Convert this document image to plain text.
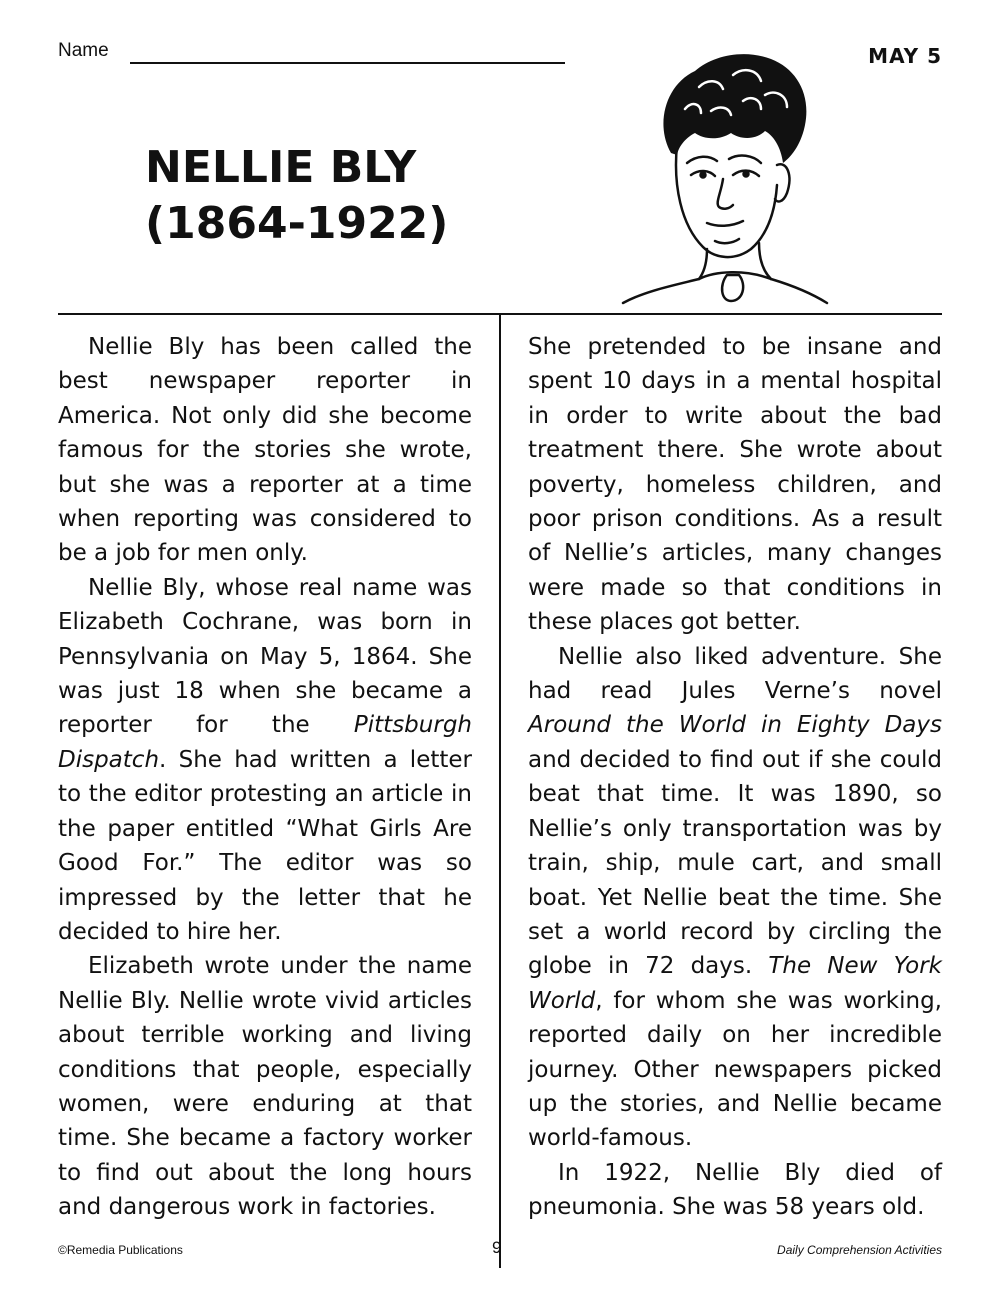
Name	MAY 5
NELLIE BLY
(1864-1922)

Nellie Bly has been called the best newspaper reporter in America. Not only did she become famous for the stories she wrote, but she was a reporter at a time when reporting was considered to be a job for men only.

Nellie Bly, whose real name was Elizabeth Cochrane, was born in Pennsylvania on May 5, 1864. She was just 18 when she became a reporter for the Pittsburgh Dispatch. She had written a letter to the editor protesting an article in the paper entitled “What Girls Are Good For.” The editor was so impressed by the letter that he decided to hire her.

Elizabeth wrote under the name Nellie Bly. Nellie wrote vivid articles about terrible working and living conditions that people, especially women, were enduring at that time. She became a factory worker to find out about the long hours and dangerous work in factories.

She pretended to be insane and spent 10 days in a mental hospital in order to write about the bad treatment there. She wrote about poverty, homeless children, and poor prison conditions. As a result of Nellie’s articles, many changes were made so that conditions in these places got better.

Nellie also liked adventure. She had read Jules Verne’s novel Around the World in Eighty Days and decided to find out if she could beat that time. It was 1890, so Nellie’s only transportation was by train, ship, mule cart, and small boat. Yet Nellie beat the time. She set a world record by circling the globe in 72 days. The New York World, for whom she was working, reported daily on her incredible journey. Other newspapers picked up the stories, and Nellie became world-famous.

In 1922, Nellie Bly died of pneumonia. She was 58 years old.

©Remedia Publications	9	Daily Comprehension Activities
